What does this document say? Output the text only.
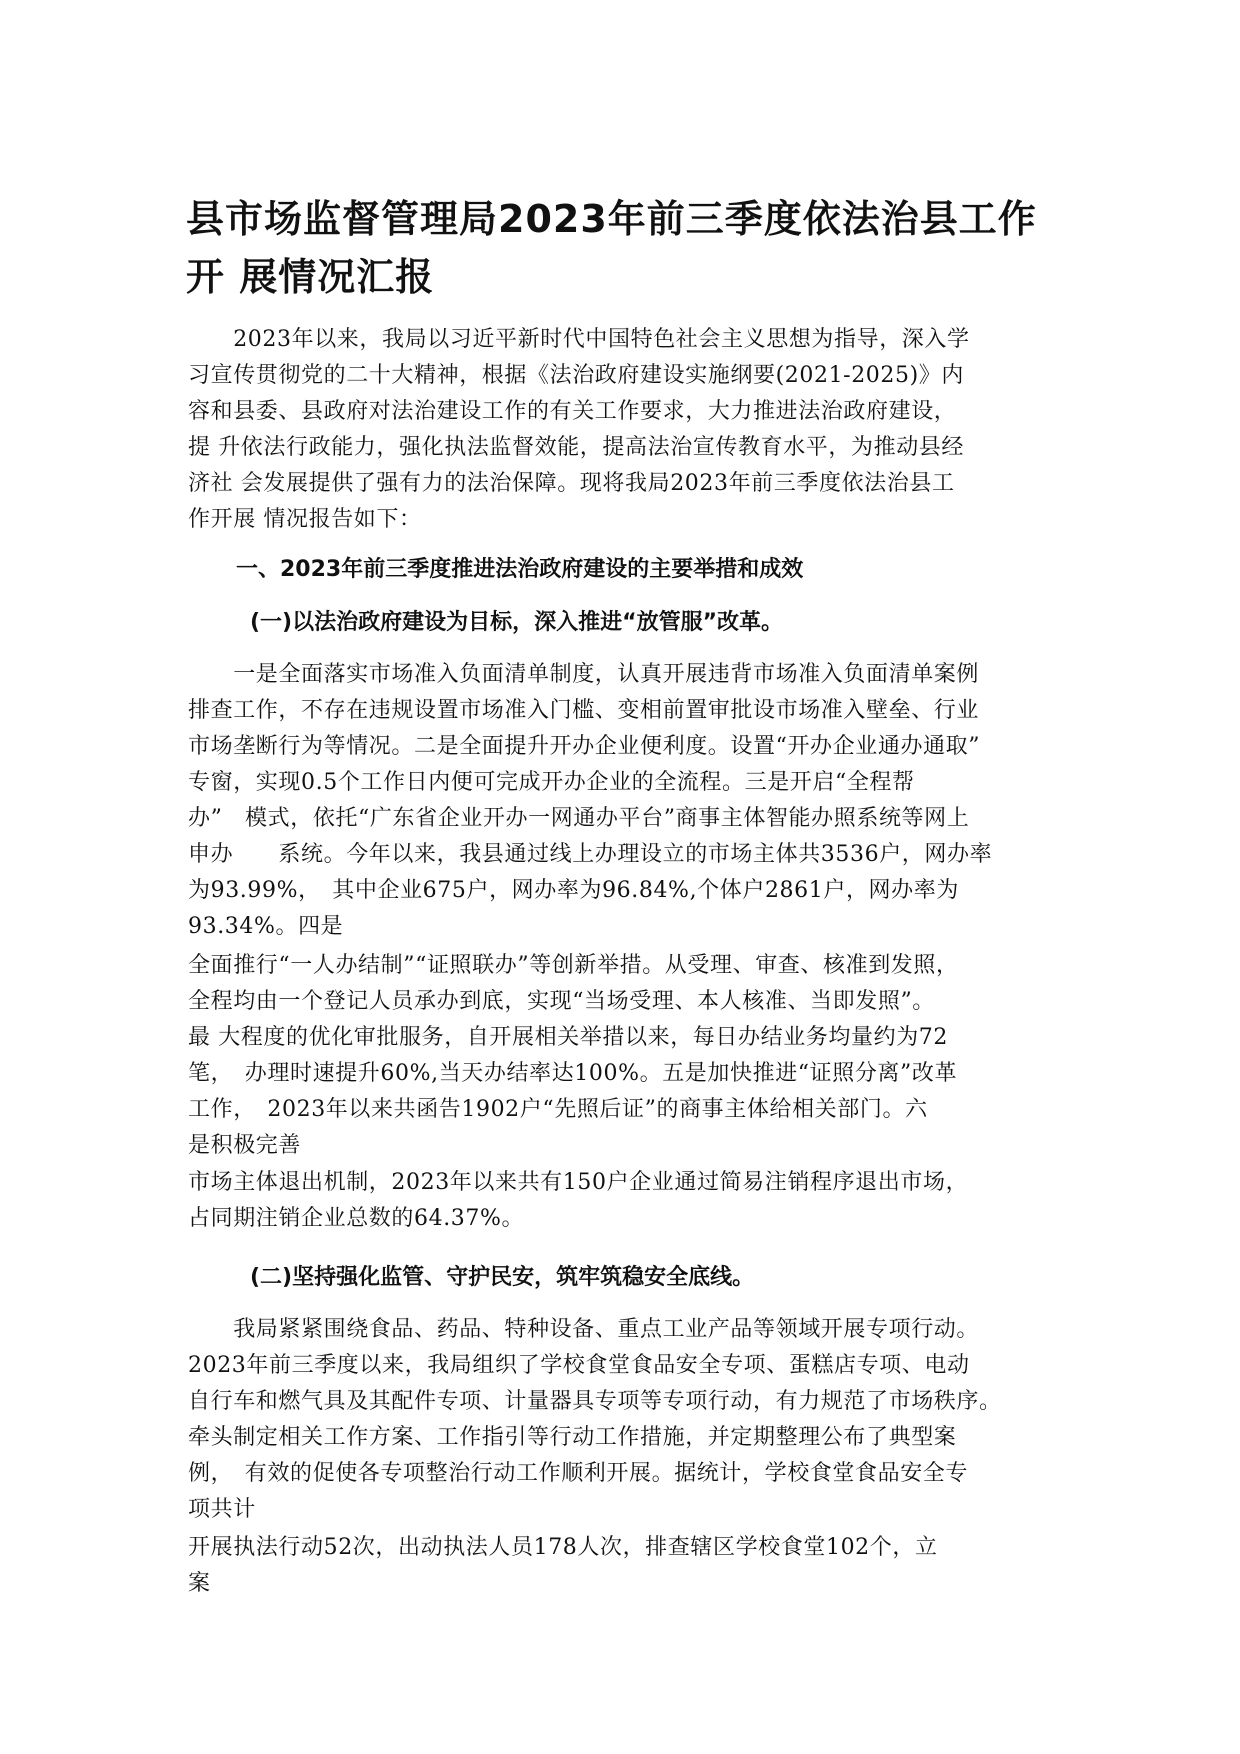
县市场监督管理局2023年前三季度依法治县工作
开 展情况汇报
　　2023年以来，我局以习近平新时代中国特色社会主义思想为指导，深入学
习宣传贯彻党的二十大精神，根据《法治政府建设实施纲要(2021-2025)》内
容和县委、县政府对法治建设工作的有关工作要求，大力推进法治政府建设，
提 升依法行政能力，强化执法监督效能，提高法治宣传教育水平，为推动县经
济社 会发展提供了强有力的法治保障。现将我局2023年前三季度依法治县工
作开展 情况报告如下：
一、2023年前三季度推进法治政府建设的主要举措和成效
(一)以法治政府建设为目标，深入推进“放管服”改革。
　　一是全面落实市场准入负面清单制度，认真开展违背市场准入负面清单案例
排查工作，不存在违规设置市场准入门槛、变相前置审批设市场准入壁垒、行业
市场垄断行为等情况。二是全面提升开办企业便利度。设置“开办企业通办通取”
专窗，实现0.5个工作日内便可完成开办企业的全流程。三是开启“全程帮
办”　模式，依托“广东省企业开办一网通办平台”商事主体智能办照系统等网上
申办　　系统。今年以来，我县通过线上办理设立的市场主体共3536户，网办率
为93.99%，　其中企业675户，网办率为96.84%,个体户2861户，网办率为
93.34%。四是
全面推行“一人办结制”“证照联办”等创新举措。从受理、审查、核准到发照，
全程均由一个登记人员承办到底，实现“当场受理、本人核准、当即发照”。
最 大程度的优化审批服务，自开展相关举措以来，每日办结业务均量约为72
笔，　办理时速提升60%,当天办结率达100%。五是加快推进“证照分离”改革
工作，　2023年以来共函告1902户“先照后证”的商事主体给相关部门。六
是积极完善
市场主体退出机制，2023年以来共有150户企业通过简易注销程序退出市场，
占同期注销企业总数的64.37%。
(二)坚持强化监管、守护民安，筑牢筑稳安全底线。
　　我局紧紧围绕食品、药品、特种设备、重点工业产品等领域开展专项行动。
2023年前三季度以来，我局组织了学校食堂食品安全专项、蛋糕店专项、电动
自行车和燃气具及其配件专项、计量器具专项等专项行动，有力规范了市场秩序。
牵头制定相关工作方案、工作指引等行动工作措施，并定期整理公布了典型案
例，　有效的促使各专项整治行动工作顺利开展。据统计，学校食堂食品安全专
项共计
开展执法行动52次，出动执法人员178人次，排查辖区学校食堂102个，立
案
